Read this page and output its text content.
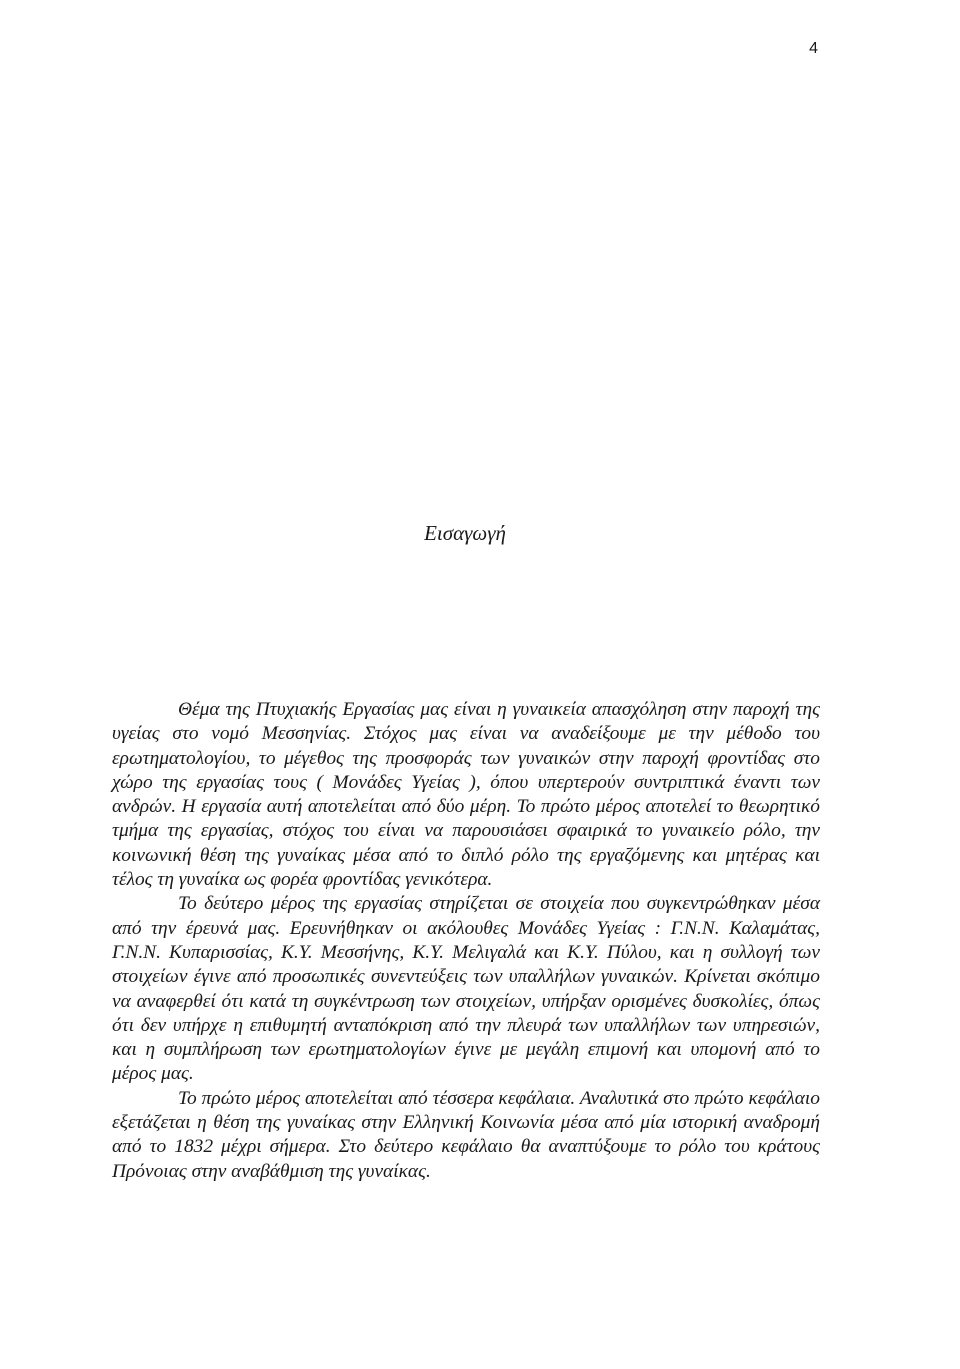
4
Εισαγωγή

Θέμα της Πτυχιακής Εργασίας μας είναι η γυναικεία απασχόληση στην παροχή της υγείας στο νομό Μεσσηνίας. Στόχος μας είναι να αναδείξουμε με την μέθοδο του ερωτηματολογίου, το μέγεθος της προσφοράς των γυναικών στην παροχή φροντίδας στο χώρο της εργασίας τους ( Μονάδες Υγείας ), όπου υπερτερούν συντριπτικά έναντι των ανδρών. Η εργασία αυτή αποτελείται από δύο μέρη. Το πρώτο μέρος αποτελεί το θεωρητικό τμήμα της εργασίας, στόχος του είναι να παρουσιάσει σφαιρικά το γυναικείο ρόλο, την κοινωνική θέση της γυναίκας μέσα από το διπλό ρόλο της εργαζόμενης και μητέρας και τέλος τη γυναίκα ως φορέα φροντίδας γενικότερα.

Το δεύτερο μέρος της εργασίας στηρίζεται σε στοιχεία που συγκεντρώθηκαν μέσα από την έρευνά μας. Ερευνήθηκαν οι ακόλουθες Μονάδες Υγείας : Γ.Ν.Ν. Καλαμάτας, Γ.Ν.Ν. Κυπαρισσίας, Κ.Υ. Μεσσήνης, Κ.Υ. Μελιγαλά και Κ.Υ. Πύλου, και η συλλογή των στοιχείων έγινε από προσωπικές συνεντεύξεις των υπαλλήλων γυναικών. Κρίνεται σκόπιμο να αναφερθεί ότι κατά τη συγκέντρωση των στοιχείων, υπήρξαν ορισμένες δυσκολίες, όπως ότι δεν υπήρχε η επιθυμητή ανταπόκριση από την πλευρά των υπαλλήλων των υπηρεσιών, και η συμπλήρωση των ερωτηματολογίων έγινε με μεγάλη επιμονή και υπομονή από το μέρος μας.

Το πρώτο μέρος αποτελείται από τέσσερα κεφάλαια. Αναλυτικά στο πρώτο κεφάλαιο εξετάζεται η θέση της γυναίκας στην Ελληνική Κοινωνία μέσα από μία ιστορική αναδρομή από το 1832 μέχρι σήμερα. Στο δεύτερο κεφάλαιο θα αναπτύξουμε το ρόλο του κράτους Πρόνοιας στην αναβάθμιση της γυναίκας.
